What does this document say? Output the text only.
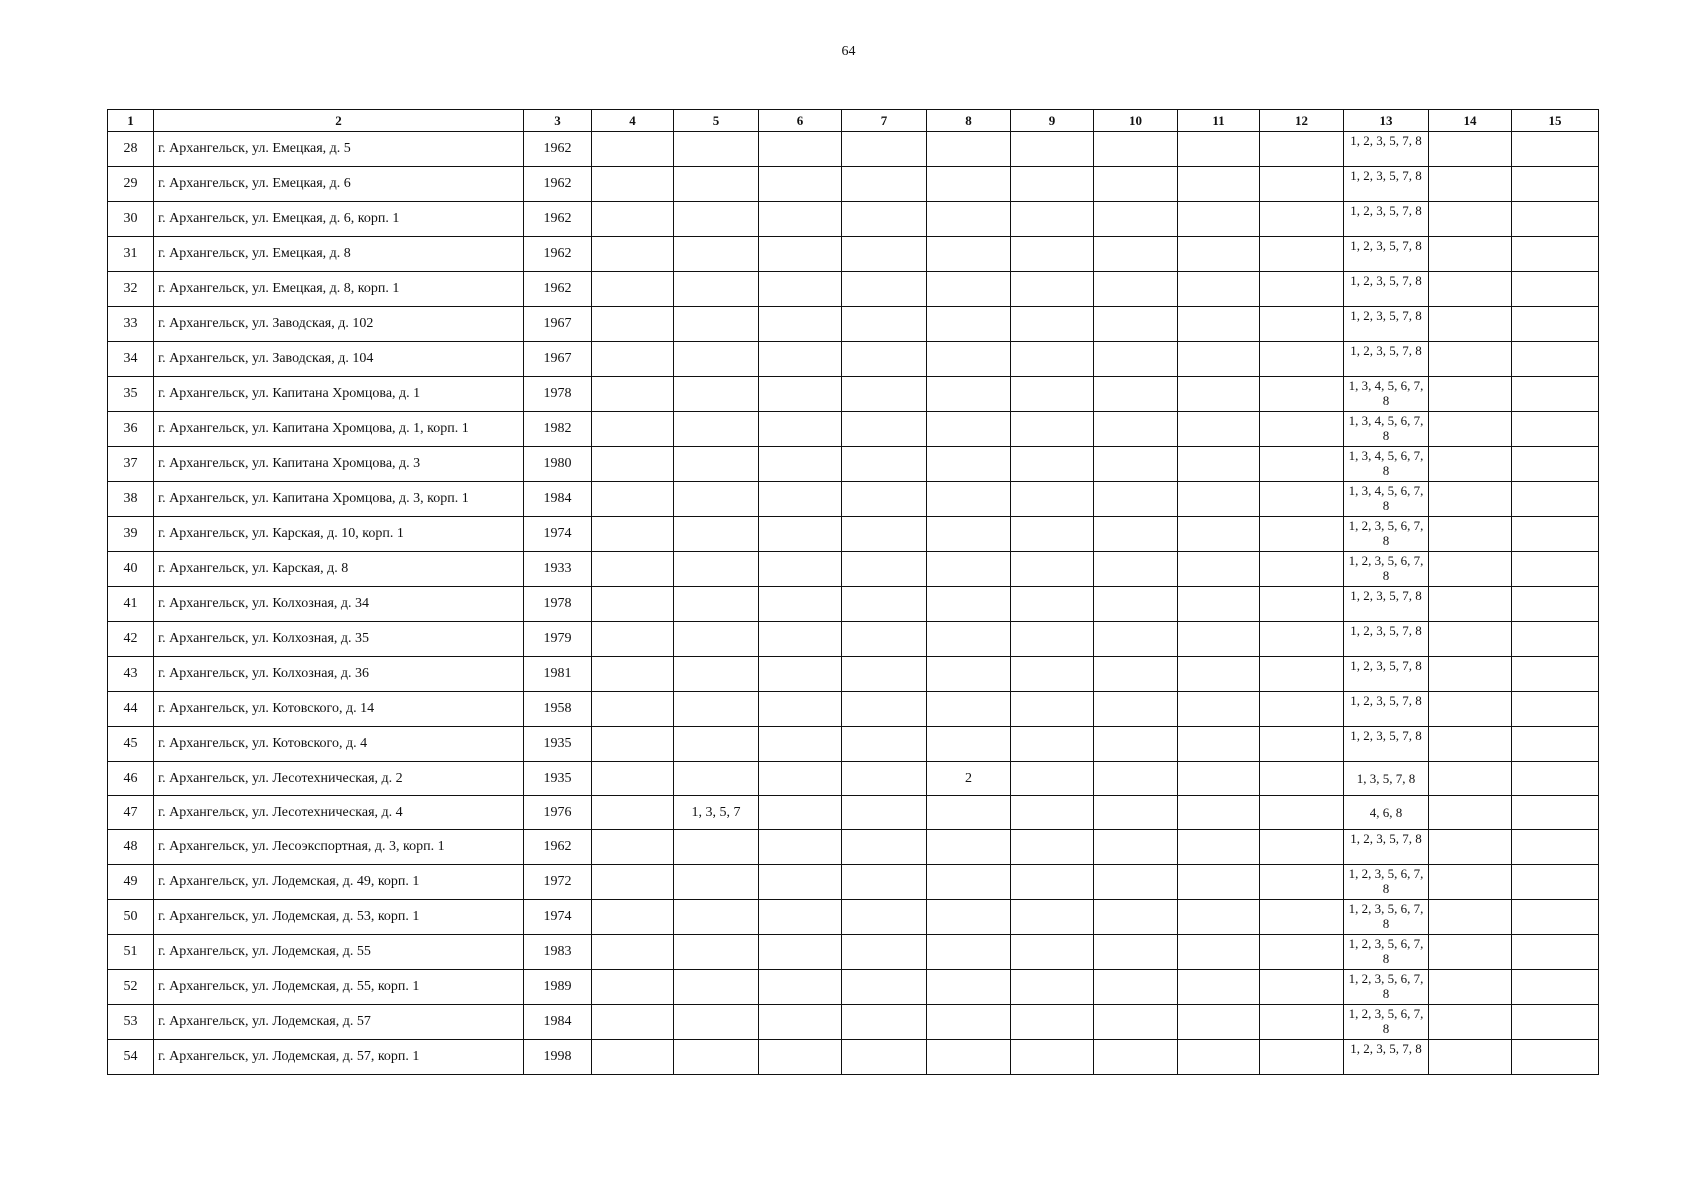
64
1	2	3	4	5	6	7	8	9	10	11	12	13	14	15
28	г. Архангельск, ул. Емецкая, д. 5	1962										1, 2, 3, 5, 7, 8		
29	г. Архангельск, ул. Емецкая, д. 6	1962										1, 2, 3, 5, 7, 8		
30	г. Архангельск, ул. Емецкая, д. 6, корп. 1	1962										1, 2, 3, 5, 7, 8		
31	г. Архангельск, ул. Емецкая, д. 8	1962										1, 2, 3, 5, 7, 8		
32	г. Архангельск, ул. Емецкая, д. 8, корп. 1	1962										1, 2, 3, 5, 7, 8		
33	г. Архангельск, ул. Заводская, д. 102	1967										1, 2, 3, 5, 7, 8		
34	г. Архангельск, ул. Заводская, д. 104	1967										1, 2, 3, 5, 7, 8		
35	г. Архангельск, ул. Капитана Хромцова, д. 1	1978										1, 3, 4, 5, 6, 7, 8		
36	г. Архангельск, ул. Капитана Хромцова, д. 1, корп. 1	1982										1, 3, 4, 5, 6, 7, 8		
37	г. Архангельск, ул. Капитана Хромцова, д. 3	1980										1, 3, 4, 5, 6, 7, 8		
38	г. Архангельск, ул. Капитана Хромцова, д. 3, корп. 1	1984										1, 3, 4, 5, 6, 7, 8		
39	г. Архангельск, ул. Карская, д. 10, корп. 1	1974										1, 2, 3, 5, 6, 7, 8		
40	г. Архангельск, ул. Карская, д. 8	1933										1, 2, 3, 5, 6, 7, 8		
41	г. Архангельск, ул. Колхозная, д. 34	1978										1, 2, 3, 5, 7, 8		
42	г. Архангельск, ул. Колхозная, д. 35	1979										1, 2, 3, 5, 7, 8		
43	г. Архангельск, ул. Колхозная, д. 36	1981										1, 2, 3, 5, 7, 8		
44	г. Архангельск, ул. Котовского, д. 14	1958										1, 2, 3, 5, 7, 8		
45	г. Архангельск, ул. Котовского, д. 4	1935										1, 2, 3, 5, 7, 8		
46	г. Архангельск, ул. Лесотехническая, д. 2	1935					2					1, 3, 5, 7, 8		
47	г. Архангельск, ул. Лесотехническая, д. 4	1976		1, 3, 5, 7								4, 6, 8		
48	г. Архангельск, ул. Лесоэкспортная, д. 3, корп. 1	1962										1, 2, 3, 5, 7, 8		
49	г. Архангельск, ул. Лодемская, д. 49, корп. 1	1972										1, 2, 3, 5, 6, 7, 8		
50	г. Архангельск, ул. Лодемская, д. 53, корп. 1	1974										1, 2, 3, 5, 6, 7, 8		
51	г. Архангельск, ул. Лодемская, д. 55	1983										1, 2, 3, 5, 6, 7, 8		
52	г. Архангельск, ул. Лодемская, д. 55, корп. 1	1989										1, 2, 3, 5, 6, 7, 8		
53	г. Архангельск, ул. Лодемская, д. 57	1984										1, 2, 3, 5, 6, 7, 8		
54	г. Архангельск, ул. Лодемская, д. 57, корп. 1	1998										1, 2, 3, 5, 7, 8		
